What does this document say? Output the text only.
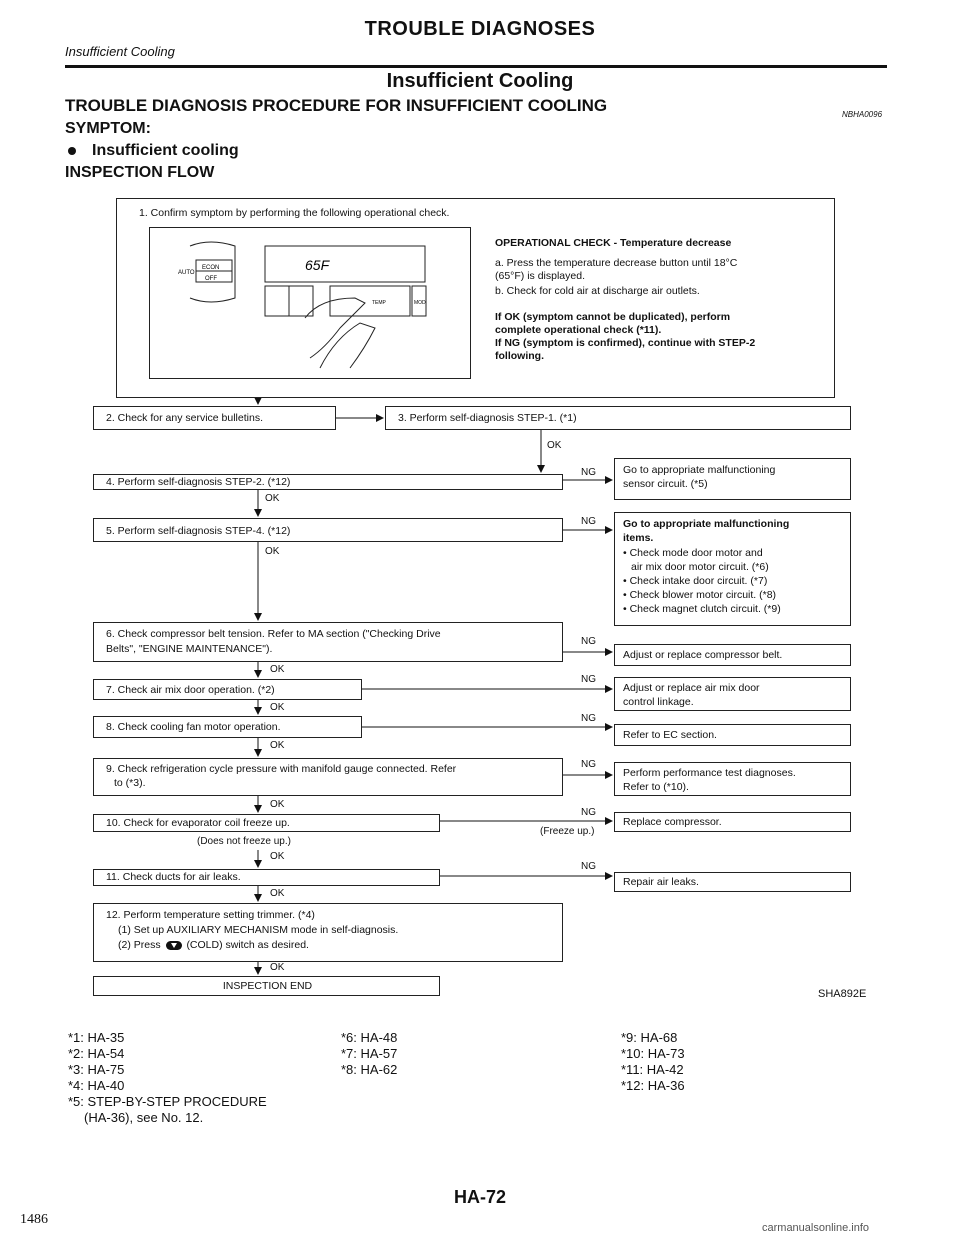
Insufficient Cooling
TROUBLE DIAGNOSES
Insufficient Cooling
TROUBLE DIAGNOSIS PROCEDURE FOR INSUFFICIENT COOLING	NBHA0096
SYMPTOM:
Insufficient cooling
INSPECTION FLOW
1. Confirm symptom by performing the following operational check.
AUTO
ECON
OFF
65F
TEMP	MOD
OPERATIONAL CHECK - Temperature decrease
a. Press the temperature decrease button until 18°C
(65°F) is displayed.
b. Check for cold air at discharge air outlets.
If OK (symptom cannot be duplicated), perform
complete operational check (*11).
If NG (symptom is confirmed), continue with STEP-2
following.
2. Check for any service bulletins.	3. Perform self-diagnosis STEP-1. (*1)
OK
4. Perform self-diagnosis STEP-2. (*12)
NG
OK
Go to appropriate malfunctioning
sensor circuit. (*5)
5. Perform self-diagnosis STEP-4. (*12)
NG
OK
Go to appropriate malfunctioning
items.
• Check mode door motor and
air mix door motor circuit. (*6)
• Check intake door circuit. (*7)
• Check blower motor circuit. (*8)
• Check magnet clutch circuit. (*9)
6. Check compressor belt tension. Refer to MA section ("Checking Drive
Belts", "ENGINE MAINTENANCE").
NG
OK
Adjust or replace compressor belt.
7. Check air mix door operation. (*2)
NG
OK
Adjust or replace air mix door
control linkage.
8. Check cooling fan motor operation.
NG
OK
Refer to EC section.
9. Check refrigeration cycle pressure with manifold gauge connected. Refer
to (*3).
NG
OK
Perform performance test diagnoses.
Refer to (*10).
10. Check for evaporator coil freeze up.
(Does not freeze up.)
OK
NG
(Freeze up.)
Replace compressor.
11. Check ducts for air leaks.
NG
OK
Repair air leaks.
12. Perform temperature setting trimmer. (*4)
(1) Set up AUXILIARY MECHANISM mode in self-diagnosis.
(2) Press (COLD) switch as desired.
OK
INSPECTION END
SHA892E
*1: HA-35
*2: HA-54
*3: HA-75
*4: HA-40
*5: STEP-BY-STEP PROCEDURE
(HA-36), see No. 12.
*6: HA-48
*7: HA-57
*8: HA-62
*9: HA-68
*10: HA-73
*11: HA-42
*12: HA-36
HA-72
1486
carmanualsonline.info
